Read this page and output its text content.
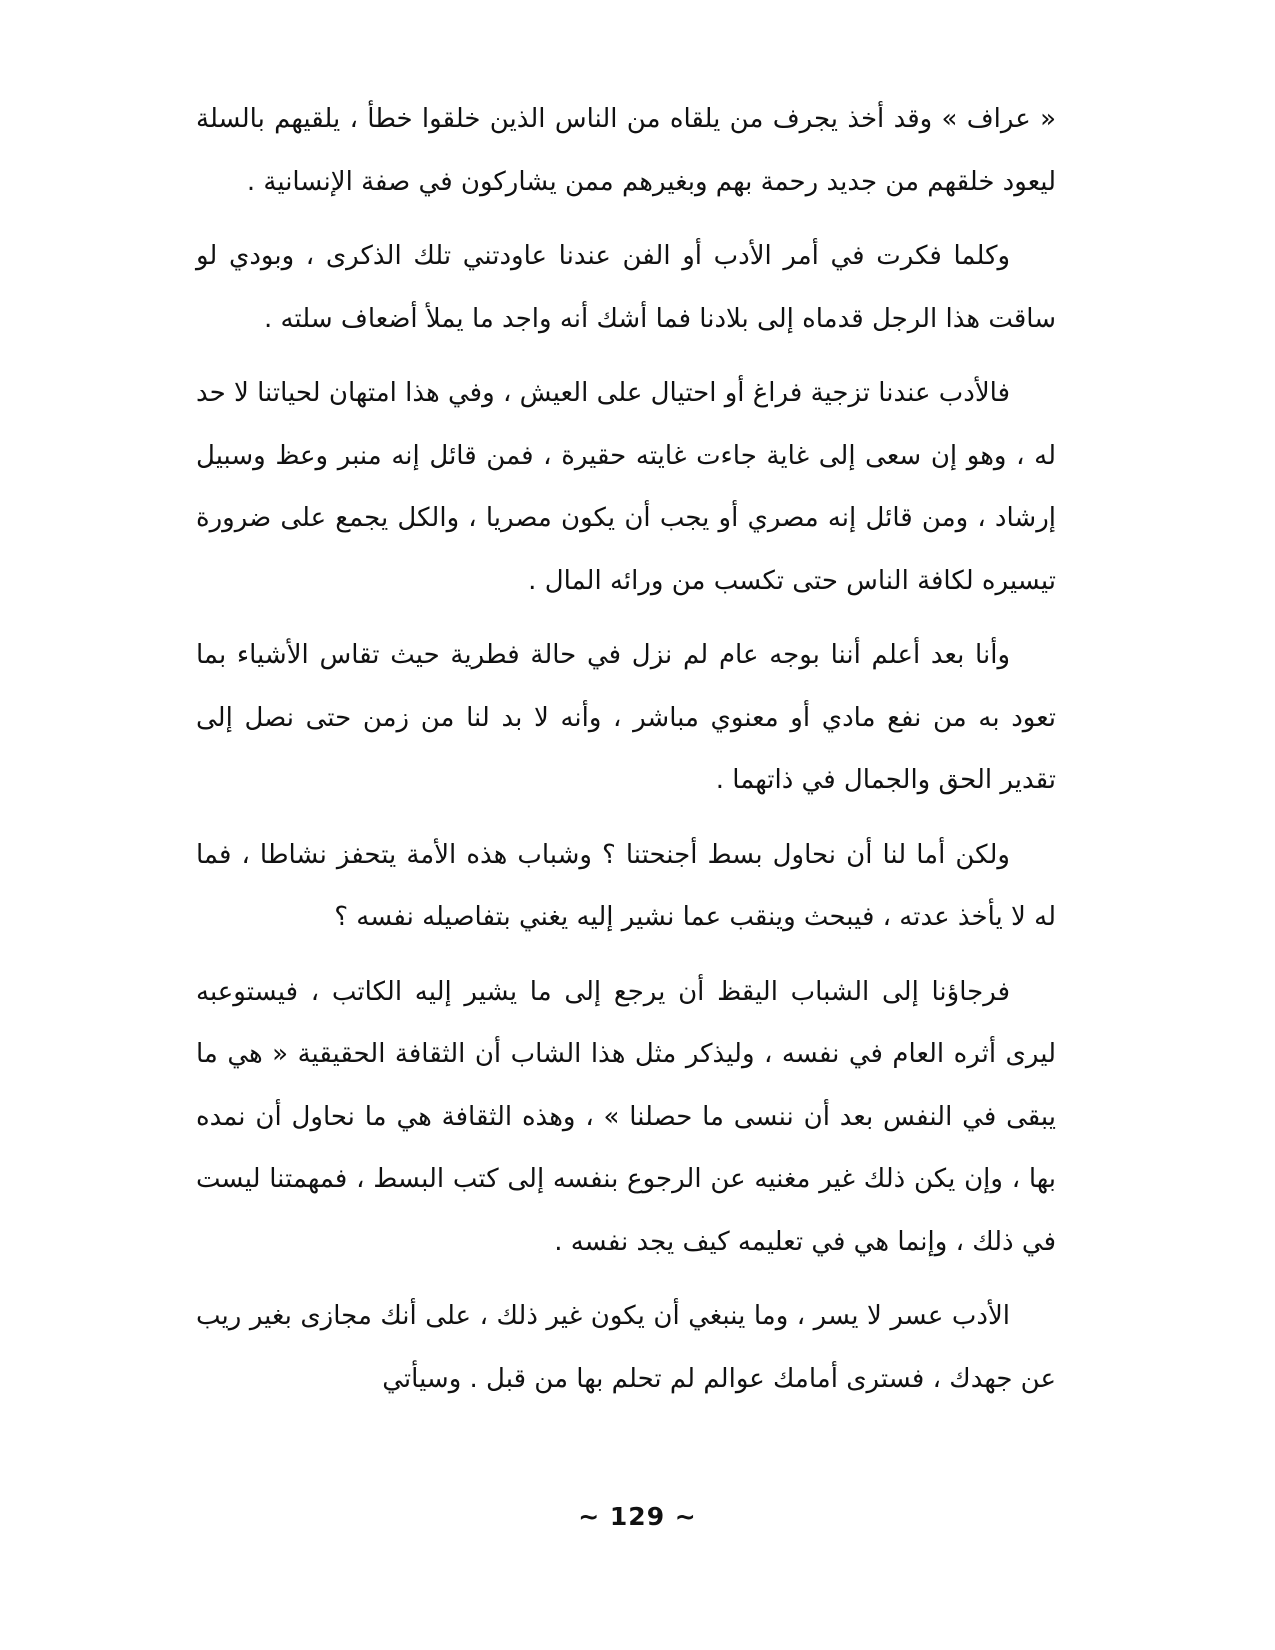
« عراف » وقد أخذ يجرف من يلقاه من الناس الذين خلقوا خطأ ، يلقيهم بالسلة ليعود خلقهم من جديد رحمة بهم وبغيرهم ممن يشاركون في صفة الإنسانية .

وكلما فكرت في أمر الأدب أو الفن عندنا عاودتني تلك الذكرى ، وبودي لو ساقت هذا الرجل قدماه إلى بلادنا فما أشك أنه واجد ما يملأ أضعاف سلته .

فالأدب عندنا تزجية فراغ أو احتيال على العيش ، وفي هذا امتهان لحياتنا لا حد له ، وهو إن سعى إلى غاية جاءت غايته حقيرة ، فمن قائل إنه منبر وعظ وسبيل إرشاد ، ومن قائل إنه مصري أو يجب أن يكون مصريا ، والكل يجمع على ضرورة تيسيره لكافة الناس حتى تكسب من ورائه المال .

وأنا بعد أعلم أننا بوجه عام لم نزل في حالة فطرية حيث تقاس الأشياء بما تعود به من نفع مادي أو معنوي مباشر ، وأنه لا بد لنا من زمن حتى نصل إلى تقدير الحق والجمال في ذاتهما .

ولكن أما لنا أن نحاول بسط أجنحتنا ؟ وشباب هذه الأمة يتحفز نشاطا ، فما له لا يأخذ عدته ، فيبحث وينقب عما نشير إليه يغني بتفاصيله نفسه ؟

فرجاؤنا إلى الشباب اليقظ أن يرجع إلى ما يشير إليه الكاتب ، فيستوعبه ليرى أثره العام في نفسه ، وليذكر مثل هذا الشاب أن الثقافة الحقيقية « هي ما يبقى في النفس بعد أن ننسى ما حصلنا » ، وهذه الثقافة هي ما نحاول أن نمده بها ، وإن يكن ذلك غير مغنيه عن الرجوع بنفسه إلى كتب البسط ، فمهمتنا ليست في ذلك ، وإنما هي في تعليمه كيف يجد نفسه .

الأدب عسر لا يسر ، وما ينبغي أن يكون غير ذلك ، على أنك مجازى بغير ريب عن جهدك ، فسترى أمامك عوالم لم تحلم بها من قبل . وسيأتي

~ 129 ~
